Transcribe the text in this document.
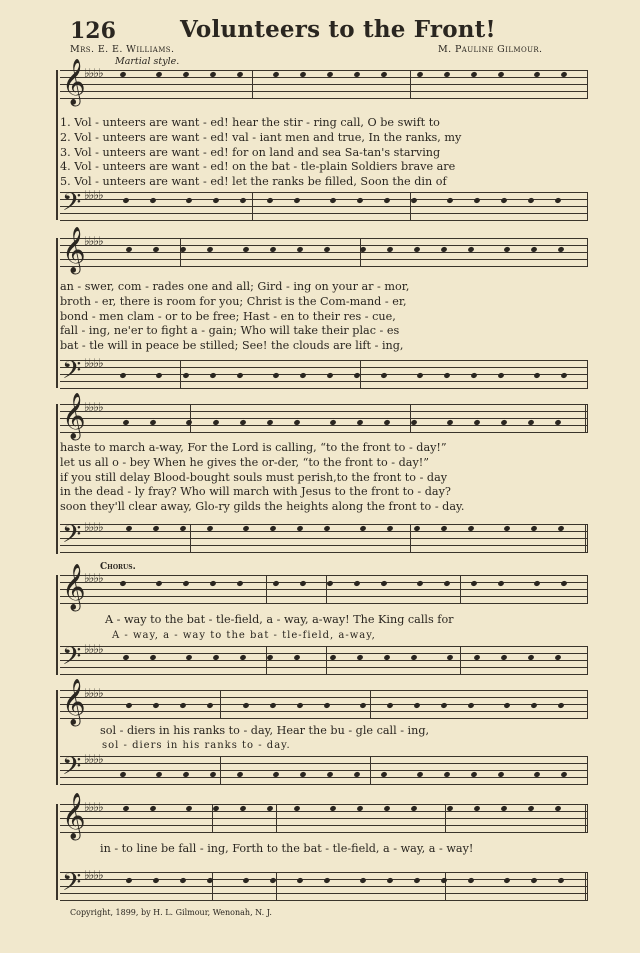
126	Volunteers to the Front!
Mrs. E. E. Williams.	M. Pauline Gilmour.
Martial style.
𝄞
♭♭♭♭
1. Vol - unteers are want - ed! hear the stir - ring call, O be swift to
2. Vol - unteers are want - ed! val - iant men and true, In the ranks, my
3. Vol - unteers are want - ed! for on land and sea Sa-tan's starving
4. Vol - unteers are want - ed! on the bat - tle-plain Soldiers brave are
5. Vol - unteers are want - ed! let the ranks be filled, Soon the din of
𝄢 ♭♭♭♭
𝄞
♭♭♭♭
an - swer, com - rades one and all; Gird - ing on your ar - mor,
broth - er, there is room for you; Christ is the Com-mand - er,
bond - men clam - or to be free; Hast - en to their res - cue,
fall - ing, ne'er to fight a - gain; Who will take their plac - es
bat - tle will in peace be stilled; See! the clouds are lift - ing,
𝄢 ♭♭♭♭
𝄞
♭♭♭♭
haste to march a-way, For the Lord is calling, “to the front to - day!”
let us all o - bey When he gives the or-der, “to the front to - day!”
if you still delay Blood-bought souls must perish,to the front to - day
in the dead - ly fray? Who will march with Jesus to the front to - day?
soon they'll clear away, Glo-ry gilds the heights along the front to - day.
𝄢 ♭♭♭♭
Chorus.
𝄞
♭♭♭♭
A - way to the bat - tle-field, a - way, a-way! The King calls for
A - way, a - way to the bat - tle-field, a-way,
𝄢 ♭♭♭♭
𝄞
♭♭♭♭
sol - diers in his ranks to - day, Hear the bu - gle call - ing,
sol - diers in his ranks to - day.
𝄢 ♭♭♭♭
𝄞
♭♭♭♭
in - to line be fall - ing, Forth to the bat - tle-field, a - way, a - way!
𝄢 ♭♭♭♭
Copyright, 1899, by H. L. Gilmour, Wenonah, N. J.
